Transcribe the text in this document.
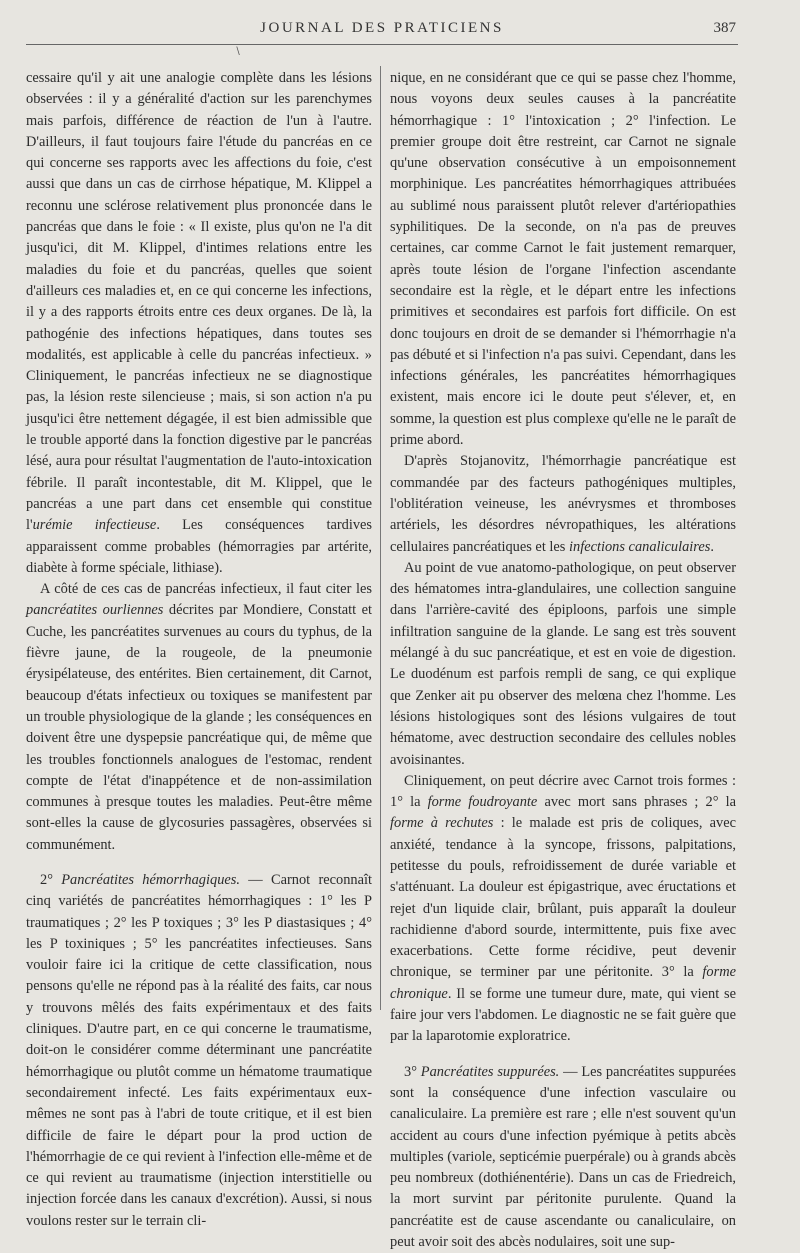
JOURNAL DES PRATICIENS	387
\

cessaire qu'il y ait une analogie complète dans les lésions observées : il y a généralité d'action sur les parenchymes mais parfois, différence de réaction de l'un à l'autre. D'ailleurs, il faut toujours faire l'étude du pancréas en ce qui concerne ses rapports avec les affections du foie, c'est aussi que dans un cas de cirrhose hépatique, M. Klippel a reconnu une sclérose relativement plus prononcée dans le pancréas que dans le foie : « Il existe, plus qu'on ne l'a dit jusqu'ici, dit M. Klippel, d'intimes relations entre les maladies du foie et du pancréas, quelles que soient d'ailleurs ces maladies et, en ce qui concerne les infections, il y a des rapports étroits entre ces deux organes. De là, la pathogénie des infections hépatiques, dans toutes ses modalités, est applicable à celle du pancréas infectieux. » Cliniquement, le pancréas infectieux ne se diagnostique pas, la lésion reste silencieuse ; mais, si son action n'a pu jusqu'ici être nettement dégagée, il est bien admissible que le trouble apporté dans la fonction digestive par le pancréas lésé, aura pour résultat l'augmentation de l'auto-intoxication fébrile. Il paraît incontestable, dit M. Klippel, que le pancréas a une part dans cet ensemble qui constitue l'urémie infectieuse. Les conséquences tardives apparaissent comme probables (hémorragies par artérite, diabète à forme spéciale, lithiase).

A côté de ces cas de pancréas infectieux, il faut citer les pancréatites ourliennes décrites par Mondiere, Constatt et Cuche, les pancréatites survenues au cours du typhus, de la fièvre jaune, de la rougeole, de la pneumonie érysipélateuse, des entérites. Bien certainement, dit Carnot, beaucoup d'états infectieux ou toxiques se manifestent par un trouble physiologique de la glande ; les conséquences en doivent être une dyspepsie pancréatique qui, de même que les troubles fonctionnels analogues de l'estomac, rendent compte de l'état d'inappétence et de non-assimilation communes à presque toutes les maladies. Peut-être même sont-elles la cause de glycosuries passagères, observées si communément.

2° Pancréatites hémorrhagiques. — Carnot reconnaît cinq variétés de pancréatites hémorrhagiques : 1° les P traumatiques ; 2° les P toxiques ; 3° les P diastasiques ; 4° les P toxiniques ; 5° les pancréatites infectieuses. Sans vouloir faire ici la critique de cette classification, nous pensons qu'elle ne répond pas à la réalité des faits, car nous y trouvons mêlés des faits expérimentaux et des faits cliniques. D'autre part, en ce qui concerne le traumatisme, doit-on le considérer comme déterminant une pancréatite hémorrhagique ou plutôt comme un hématome traumatique secondairement infecté. Les faits expérimentaux eux-mêmes ne sont pas à l'abri de toute critique, et il est bien difficile de faire le départ pour la prod uction de l'hémorrhagie de ce qui revient à l'infection elle-même et de ce qui revient au traumatisme (injection interstitielle ou injection forcée dans les canaux d'excrétion). Aussi, si nous voulons rester sur le terrain cli-

nique, en ne considérant que ce qui se passe chez l'homme, nous voyons deux seules causes à la pancréatite hémorrhagique : 1° l'intoxication ; 2° l'infection. Le premier groupe doit être restreint, car Carnot ne signale qu'une observation consécutive à un empoisonnement morphinique. Les pancréatites hémorrhagiques attribuées au sublimé nous paraissent plutôt relever d'artériopathies syphilitiques. De la seconde, on n'a pas de preuves certaines, car comme Carnot le fait justement remarquer, après toute lésion de l'organe l'infection ascendante secondaire est la règle, et le départ entre les infections primitives et secondaires est parfois fort difficile. On est donc toujours en droit de se demander si l'hémorrhagie n'a pas débuté et si l'infection n'a pas suivi. Cependant, dans les infections générales, les pancréatites hémorrhagiques existent, mais encore ici le doute peut s'élever, et, en somme, la question est plus complexe qu'elle ne le paraît de prime abord.

D'après Stojanovitz, l'hémorrhagie pancréatique est commandée par des facteurs pathogéniques multiples, l'oblitération veineuse, les anévrysmes et thromboses artériels, les désordres névropathiques, les altérations cellulaires pancréatiques et les infections canaliculaires.

Au point de vue anatomo-pathologique, on peut observer des hématomes intra-glandulaires, une collection sanguine dans l'arrière-cavité des épiploons, parfois une simple infiltration sanguine de la glande. Le sang est très souvent mélangé à du suc pancréatique, et est en voie de digestion. Le duodénum est parfois rempli de sang, ce qui explique que Zenker ait pu observer des melœna chez l'homme. Les lésions histologiques sont des lésions vulgaires de tout hématome, avec destruction secondaire des cellules nobles avoisinantes.

Cliniquement, on peut décrire avec Carnot trois formes : 1° la forme foudroyante avec mort sans phrases ; 2° la forme à rechutes : le malade est pris de coliques, avec anxiété, tendance à la syncope, frissons, palpitations, petitesse du pouls, refroidissement de durée variable et s'atténuant. La douleur est épigastrique, avec éructations et rejet d'un liquide clair, brûlant, puis apparaît la douleur rachidienne d'abord sourde, intermittente, puis fixe avec exacerbations. Cette forme récidive, peut devenir chronique, se terminer par une péritonite. 3° la forme chronique. Il se forme une tumeur dure, mate, qui vient se faire jour vers l'abdomen. Le diagnostic ne se fait guère que par la laparotomie exploratrice.

3° Pancréatites suppurées. — Les pancréatites suppurées sont la conséquence d'une infection vasculaire ou canaliculaire. La première est rare ; elle n'est souvent qu'un accident au cours d'une infection pyémique à petits abcès multiples (variole, septicémie puerpérale) ou à grands abcès peu nombreux (dothiénentérie). Dans un cas de Friedreich, la mort survint par péritonite purulente. Quand la pancréatite est de cause ascendante ou canaliculaire, on peut avoir soit des abcès nodulaires, soit une sup-
